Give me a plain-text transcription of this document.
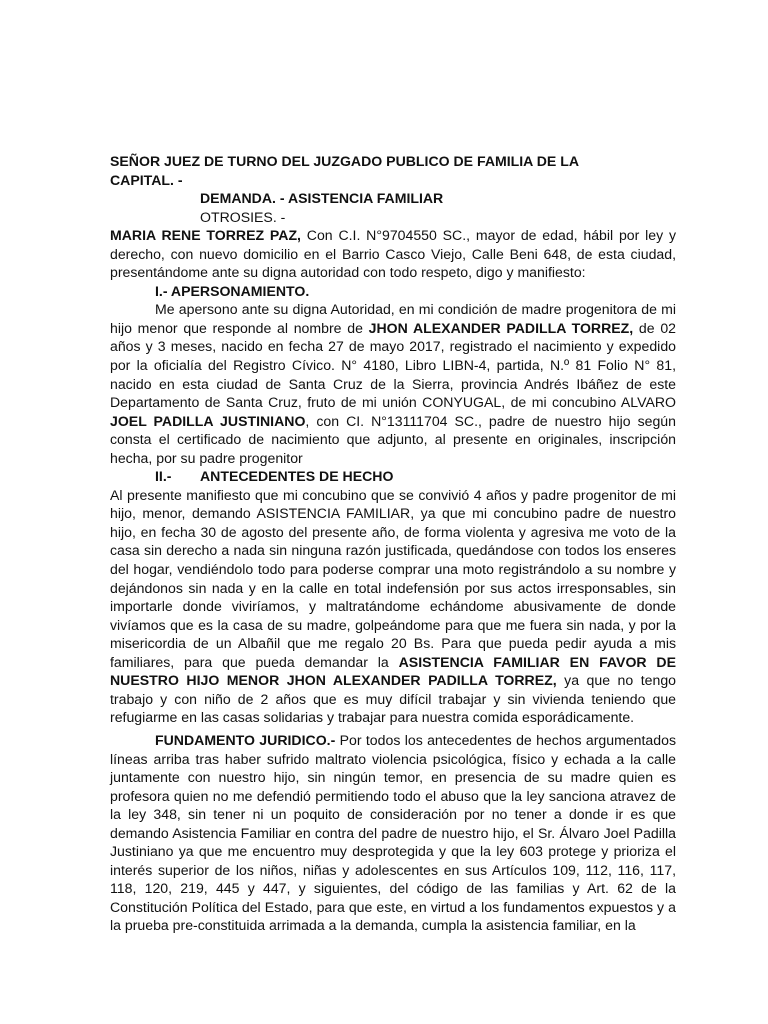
SEÑOR JUEZ DE TURNO DEL JUZGADO PUBLICO DE FAMILIA DE LA
CAPITAL. -

DEMANDA. - ASISTENCIA FAMILIAR

OTROSIES. -

MARIA RENE TORREZ PAZ, Con C.I. N°9704550 SC., mayor de edad, hábil por ley y derecho, con nuevo domicilio en el Barrio Casco Viejo, Calle Beni 648, de esta ciudad, presentándome ante su digna autoridad con todo respeto, digo y manifiesto:

I.- APERSONAMIENTO.

Me apersono ante su digna Autoridad, en mi condición de madre progenitora de mi hijo menor que responde al nombre de JHON ALEXANDER PADILLA TORREZ, de 02 años y 3 meses, nacido en fecha 27 de mayo 2017, registrado el nacimiento y expedido por la oficialía del Registro Cívico. N° 4180, Libro LIBN-4, partida, N.º 81 Folio N° 81, nacido en esta ciudad de Santa Cruz de la Sierra, provincia Andrés Ibáñez de este Departamento de Santa Cruz, fruto de mi unión CONYUGAL, de mi concubino ALVARO JOEL PADILLA JUSTINIANO, con CI. N°13111704 SC., padre de nuestro hijo según consta el certificado de nacimiento que adjunto, al presente en originales, inscripción hecha, por su padre progenitor

II.-	ANTECEDENTES DE HECHO

Al presente manifiesto que mi concubino que se convivió 4 años y padre progenitor de mi hijo, menor, demando ASISTENCIA FAMILIAR, ya que mi concubino padre de nuestro hijo, en fecha 30 de agosto del presente año, de forma violenta y agresiva me voto de la casa sin derecho a nada sin ninguna razón justificada, quedándose con todos los enseres del hogar, vendiéndolo todo para poderse comprar una moto registrándolo a su nombre y dejándonos sin nada y en la calle en total indefensión por sus actos irresponsables, sin importarle donde viviríamos, y maltratándome echándome abusivamente de donde vivíamos que es la casa de su madre, golpeándome para que me fuera sin nada, y por la misericordia de un Albañil que me regalo 20 Bs. Para que pueda pedir ayuda a mis familiares, para que pueda demandar la ASISTENCIA FAMILIAR EN FAVOR DE NUESTRO HIJO MENOR JHON ALEXANDER PADILLA TORREZ, ya que no tengo trabajo y con niño de 2 años que es muy difícil trabajar y sin vivienda teniendo que refugiarme en las casas solidarias y trabajar para nuestra comida esporádicamente.

FUNDAMENTO JURIDICO.- Por todos los antecedentes de hechos argumentados líneas arriba tras haber sufrido maltrato violencia psicológica, físico y echada a la calle juntamente con nuestro hijo, sin ningún temor, en presencia de su madre quien es profesora quien no me defendió permitiendo todo el abuso que la ley sanciona atravez de la ley 348, sin tener ni un poquito de consideración por no tener a donde ir es que demando Asistencia Familiar en contra del padre de nuestro hijo, el Sr. Álvaro Joel Padilla Justiniano ya que me encuentro muy desprotegida y que la ley 603 protege y prioriza el interés superior de los niños, niñas y adolescentes en sus Artículos 109, 112, 116, 117, 118, 120, 219, 445 y 447, y siguientes, del código de las familias y Art. 62 de la Constitución Política del Estado, para que este, en virtud a los fundamentos expuestos y a la prueba pre-constituida arrimada a la demanda, cumpla la asistencia familiar, en la
